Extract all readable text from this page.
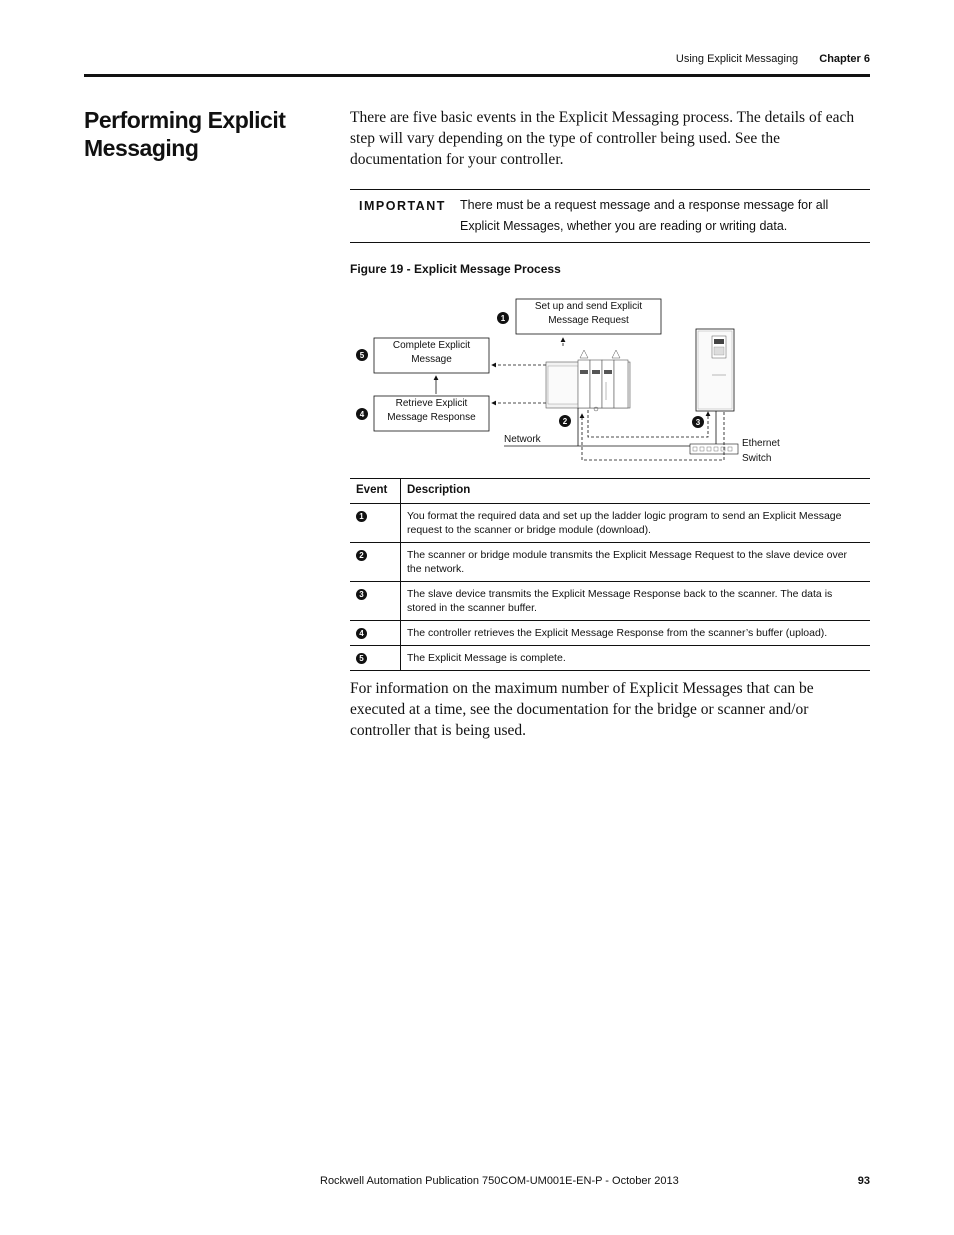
Using Explicit Messaging Chapter 6
Performing Explicit Messaging
There are five basic events in the Explicit Messaging process. The details of each step will vary depending on the type of controller being used. See the documentation for your controller.
IMPORTANT There must be a request message and a response message for all Explicit Messages, whether you are reading or writing data.
Figure 19 - Explicit Message Process
Set up and send Explicit Message Request
Complete Explicit Message
Retrieve Explicit Message Response
Network	Ethernet
Switch
1
2	3
4
5
Event	Description
1	You format the required data and set up the ladder logic program to send an Explicit Message request to the scanner or bridge module (download).
2	The scanner or bridge module transmits the Explicit Message Request to the slave device over the network.
3	The slave device transmits the Explicit Message Response back to the scanner. The data is stored in the scanner buffer.
4	The controller retrieves the Explicit Message Response from the scanner’s buffer (upload).
5	The Explicit Message is complete.
For information on the maximum number of Explicit Messages that can be executed at a time, see the documentation for the bridge or scanner and/or controller that is being used.
Rockwell Automation Publication 750COM-UM001E-EN-P - October 2013	93
